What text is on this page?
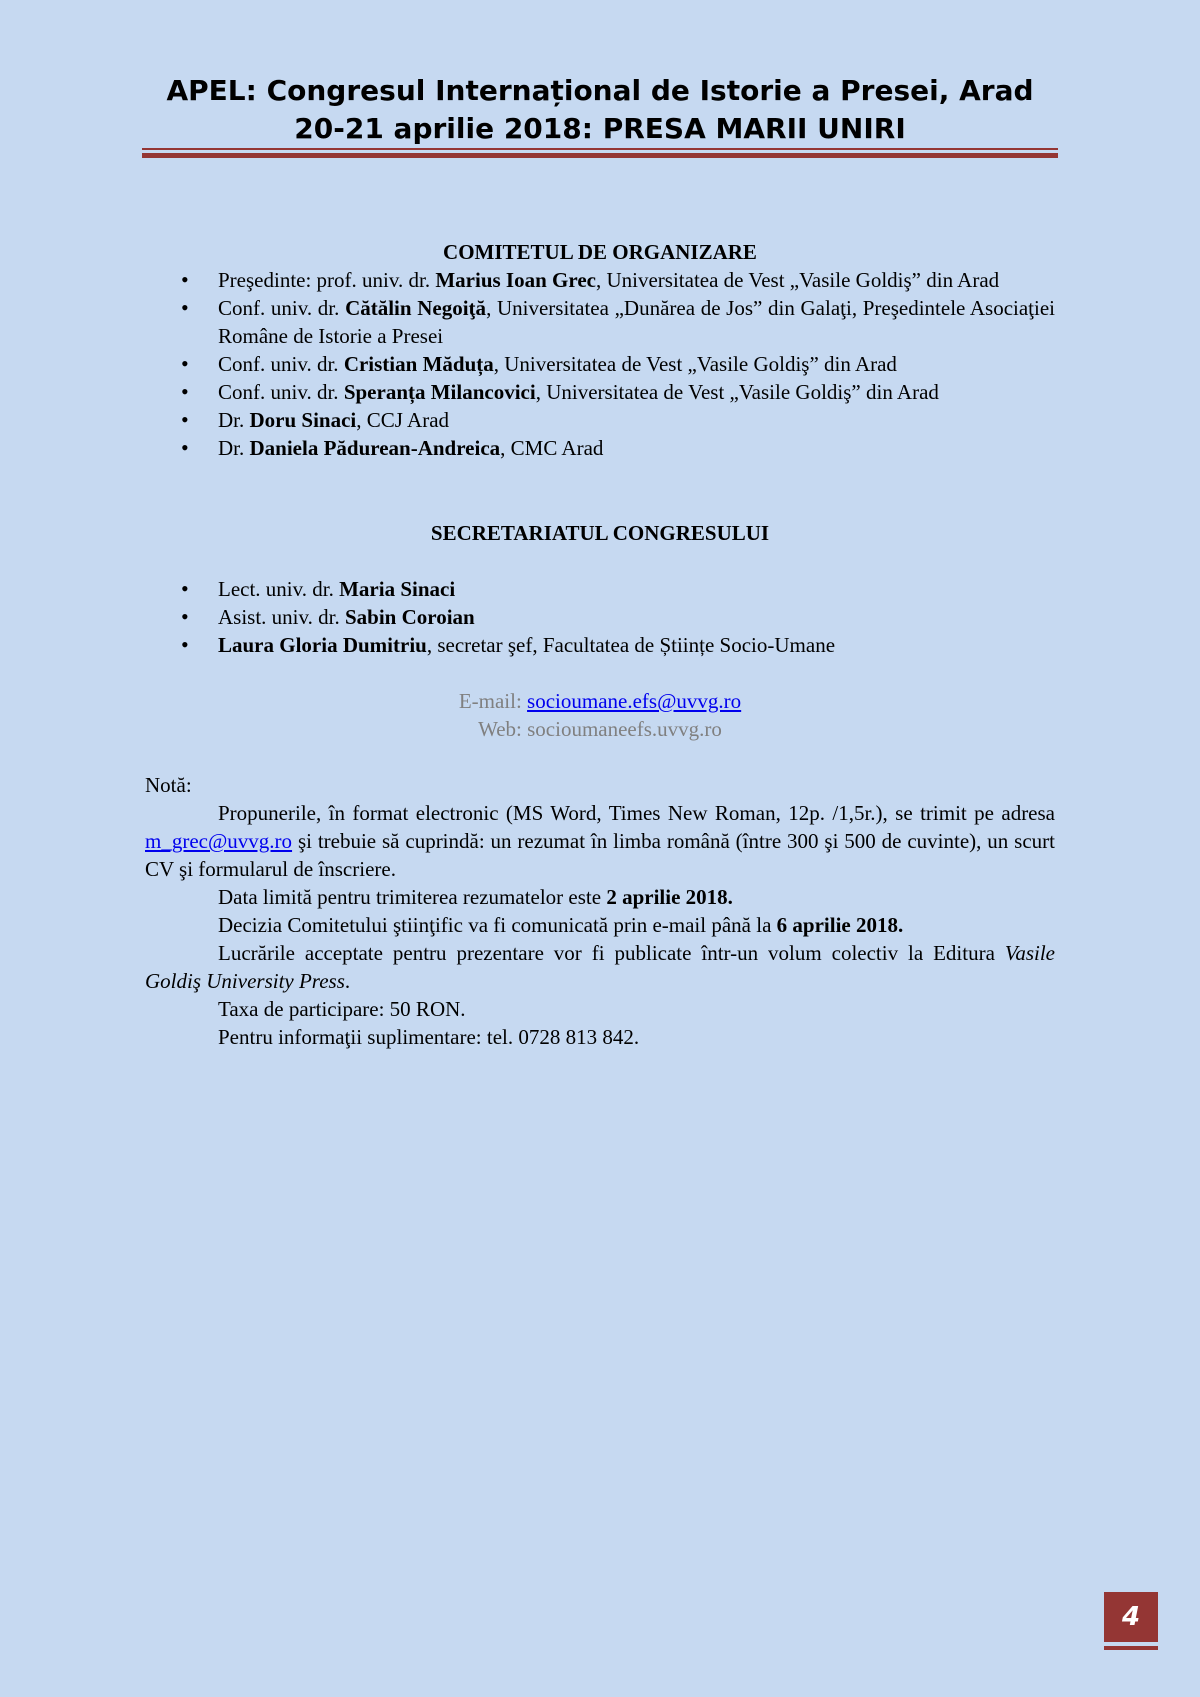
APEL: Congresul Internațional de Istorie a Presei, Arad
20-21 aprilie 2018: PRESA MARII UNIRI

COMITETUL DE ORGANIZARE

• Preşedinte: prof. univ. dr. Marius Ioan Grec, Universitatea de Vest „Vasile Goldiş” din Arad
• Conf. univ. dr. Cătălin Negoiţă, Universitatea „Dunărea de Jos” din Galaţi, Preşedintele Asociaţiei Române de Istorie a Presei
• Conf. univ. dr. Cristian Măduța, Universitatea de Vest „Vasile Goldiş” din Arad
• Conf. univ. dr. Speranța Milancovici, Universitatea de Vest „Vasile Goldiş” din Arad
• Dr. Doru Sinaci, CCJ Arad
• Dr. Daniela Pădurean-Andreica, CMC Arad

SECRETARIATUL CONGRESULUI

• Lect. univ. dr. Maria Sinaci
• Asist. univ. dr. Sabin Coroian
• Laura Gloria Dumitriu, secretar şef, Facultatea de Științe Socio-Umane
E-mail: socioumane.efs@uvvg.ro
Web: socioumaneefs.uvvg.ro

Notă:

Propunerile, în format electronic (MS Word, Times New Roman, 12p. /1,5r.), se trimit pe adresa m_grec@uvvg.ro şi trebuie să cuprindă: un rezumat în limba română (între 300 şi 500 de cuvinte), un scurt CV şi formularul de înscriere.

Data limită pentru trimiterea rezumatelor este 2 aprilie 2018.

Decizia Comitetului ştiinţific va fi comunicată prin e-mail până la 6 aprilie 2018.

Lucrările acceptate pentru prezentare vor fi publicate într-un volum colectiv la Editura Vasile Goldiş University Press.

Taxa de participare: 50 RON.

Pentru informaţii suplimentare: tel. 0728 813 842.

4
